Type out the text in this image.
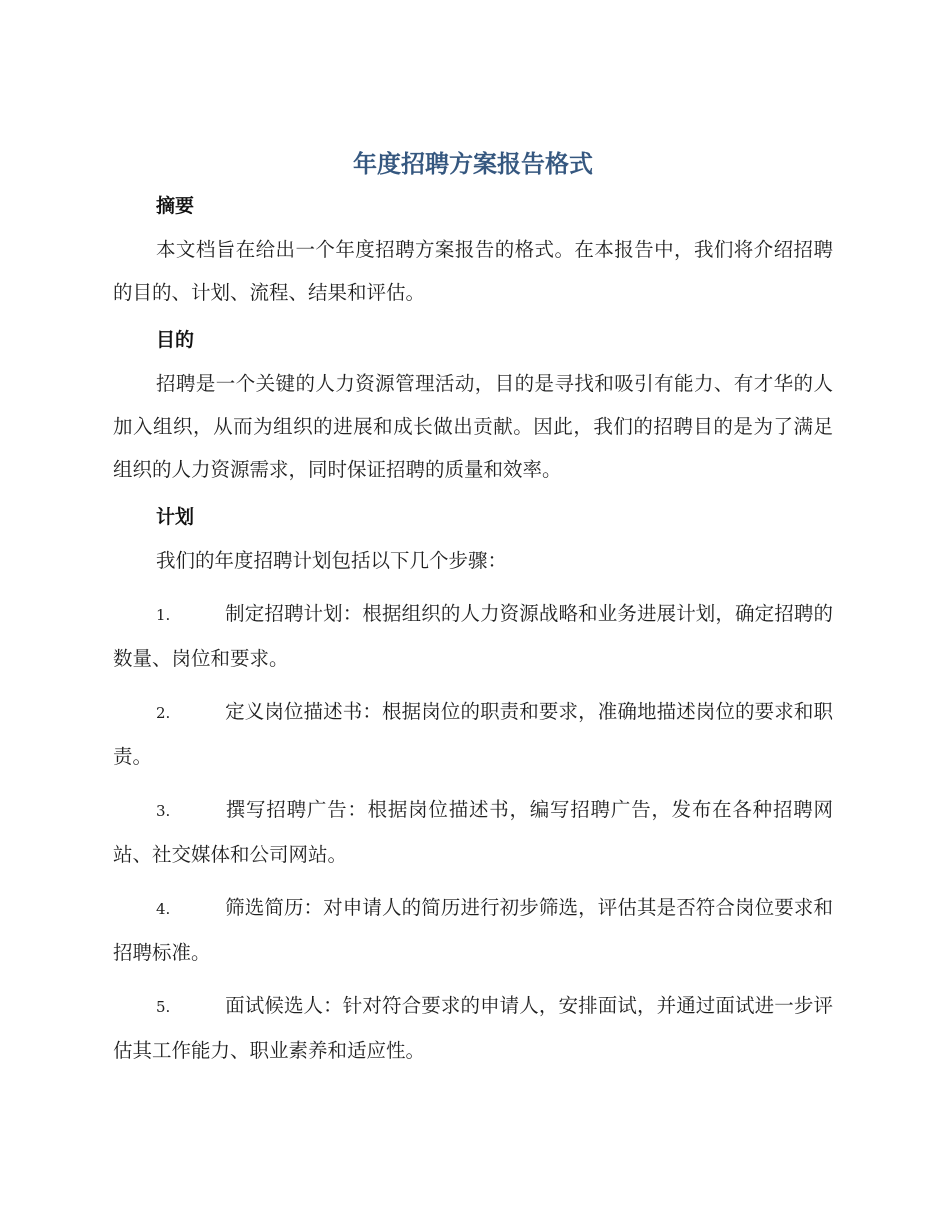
年度招聘方案报告格式
摘要

本文档旨在给出一个年度招聘方案报告的格式。在本报告中，我们将介绍招聘的目的、计划、流程、结果和评估。

目的

招聘是一个关键的人力资源管理活动，目的是寻找和吸引有能力、有才华的人加入组织，从而为组织的进展和成长做出贡献。因此，我们的招聘目的是为了满足组织的人力资源需求，同时保证招聘的质量和效率。

计划

我们的年度招聘计划包括以下几个步骤：

1.	制定招聘计划：根据组织的人力资源战略和业务进展计划，确定招聘的数量、岗位和要求。

2.	定义岗位描述书：根据岗位的职责和要求，准确地描述岗位的要求和职责。

3.	撰写招聘广告：根据岗位描述书，编写招聘广告，发布在各种招聘网站、社交媒体和公司网站。

4.	筛选简历：对申请人的简历进行初步筛选，评估其是否符合岗位要求和招聘标准。

5.	面试候选人：针对符合要求的申请人，安排面试，并通过面试进一步评估其工作能力、职业素养和适应性。
